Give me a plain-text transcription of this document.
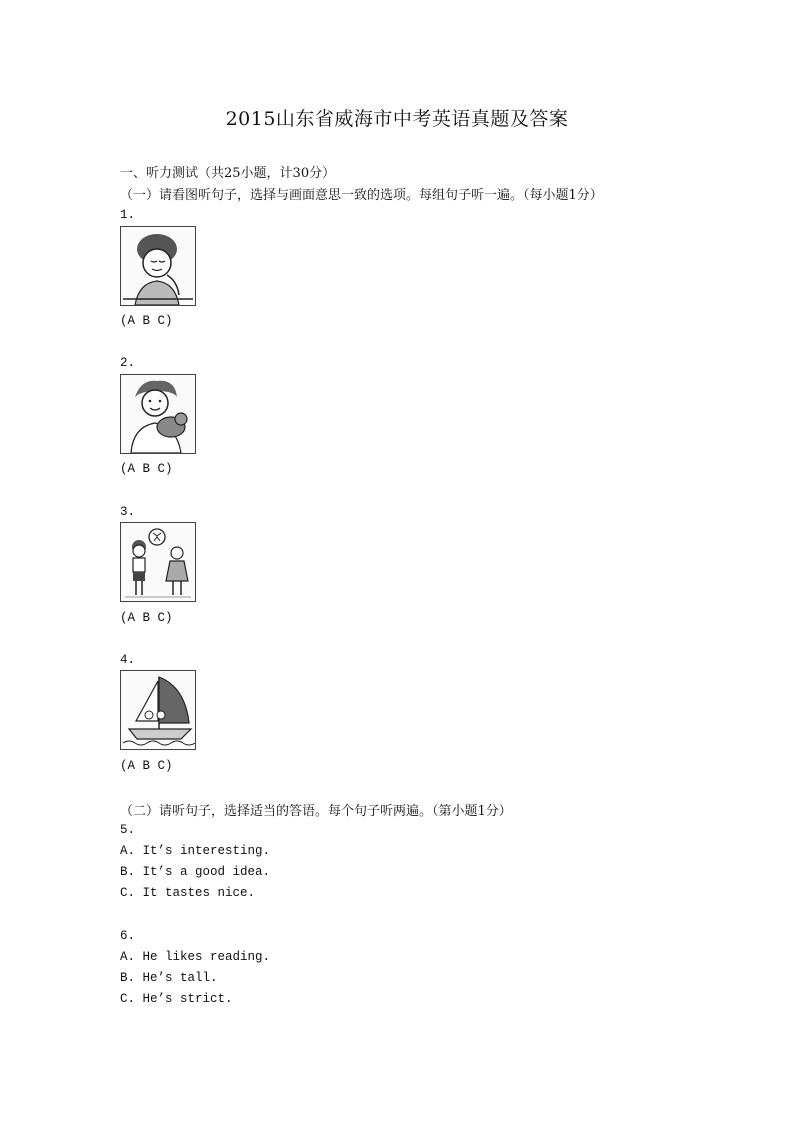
2015山东省威海市中考英语真题及答案
一、听力测试（共25小题，计30分）
（一）请看图听句子，选择与画面意思一致的选项。每组句子听一遍。（每小题1分）
1.
(A B C)
2.
(A B C)
3.
(A B C)
4.
(A B C)
（二）请听句子，选择适当的答语。每个句子听两遍。（第小题1分）
5.
A. It’s interesting.
B. It’s a good idea.
C. It tastes nice.
6.
A. He likes reading.
B. He’s tall.
C. He’s strict.
